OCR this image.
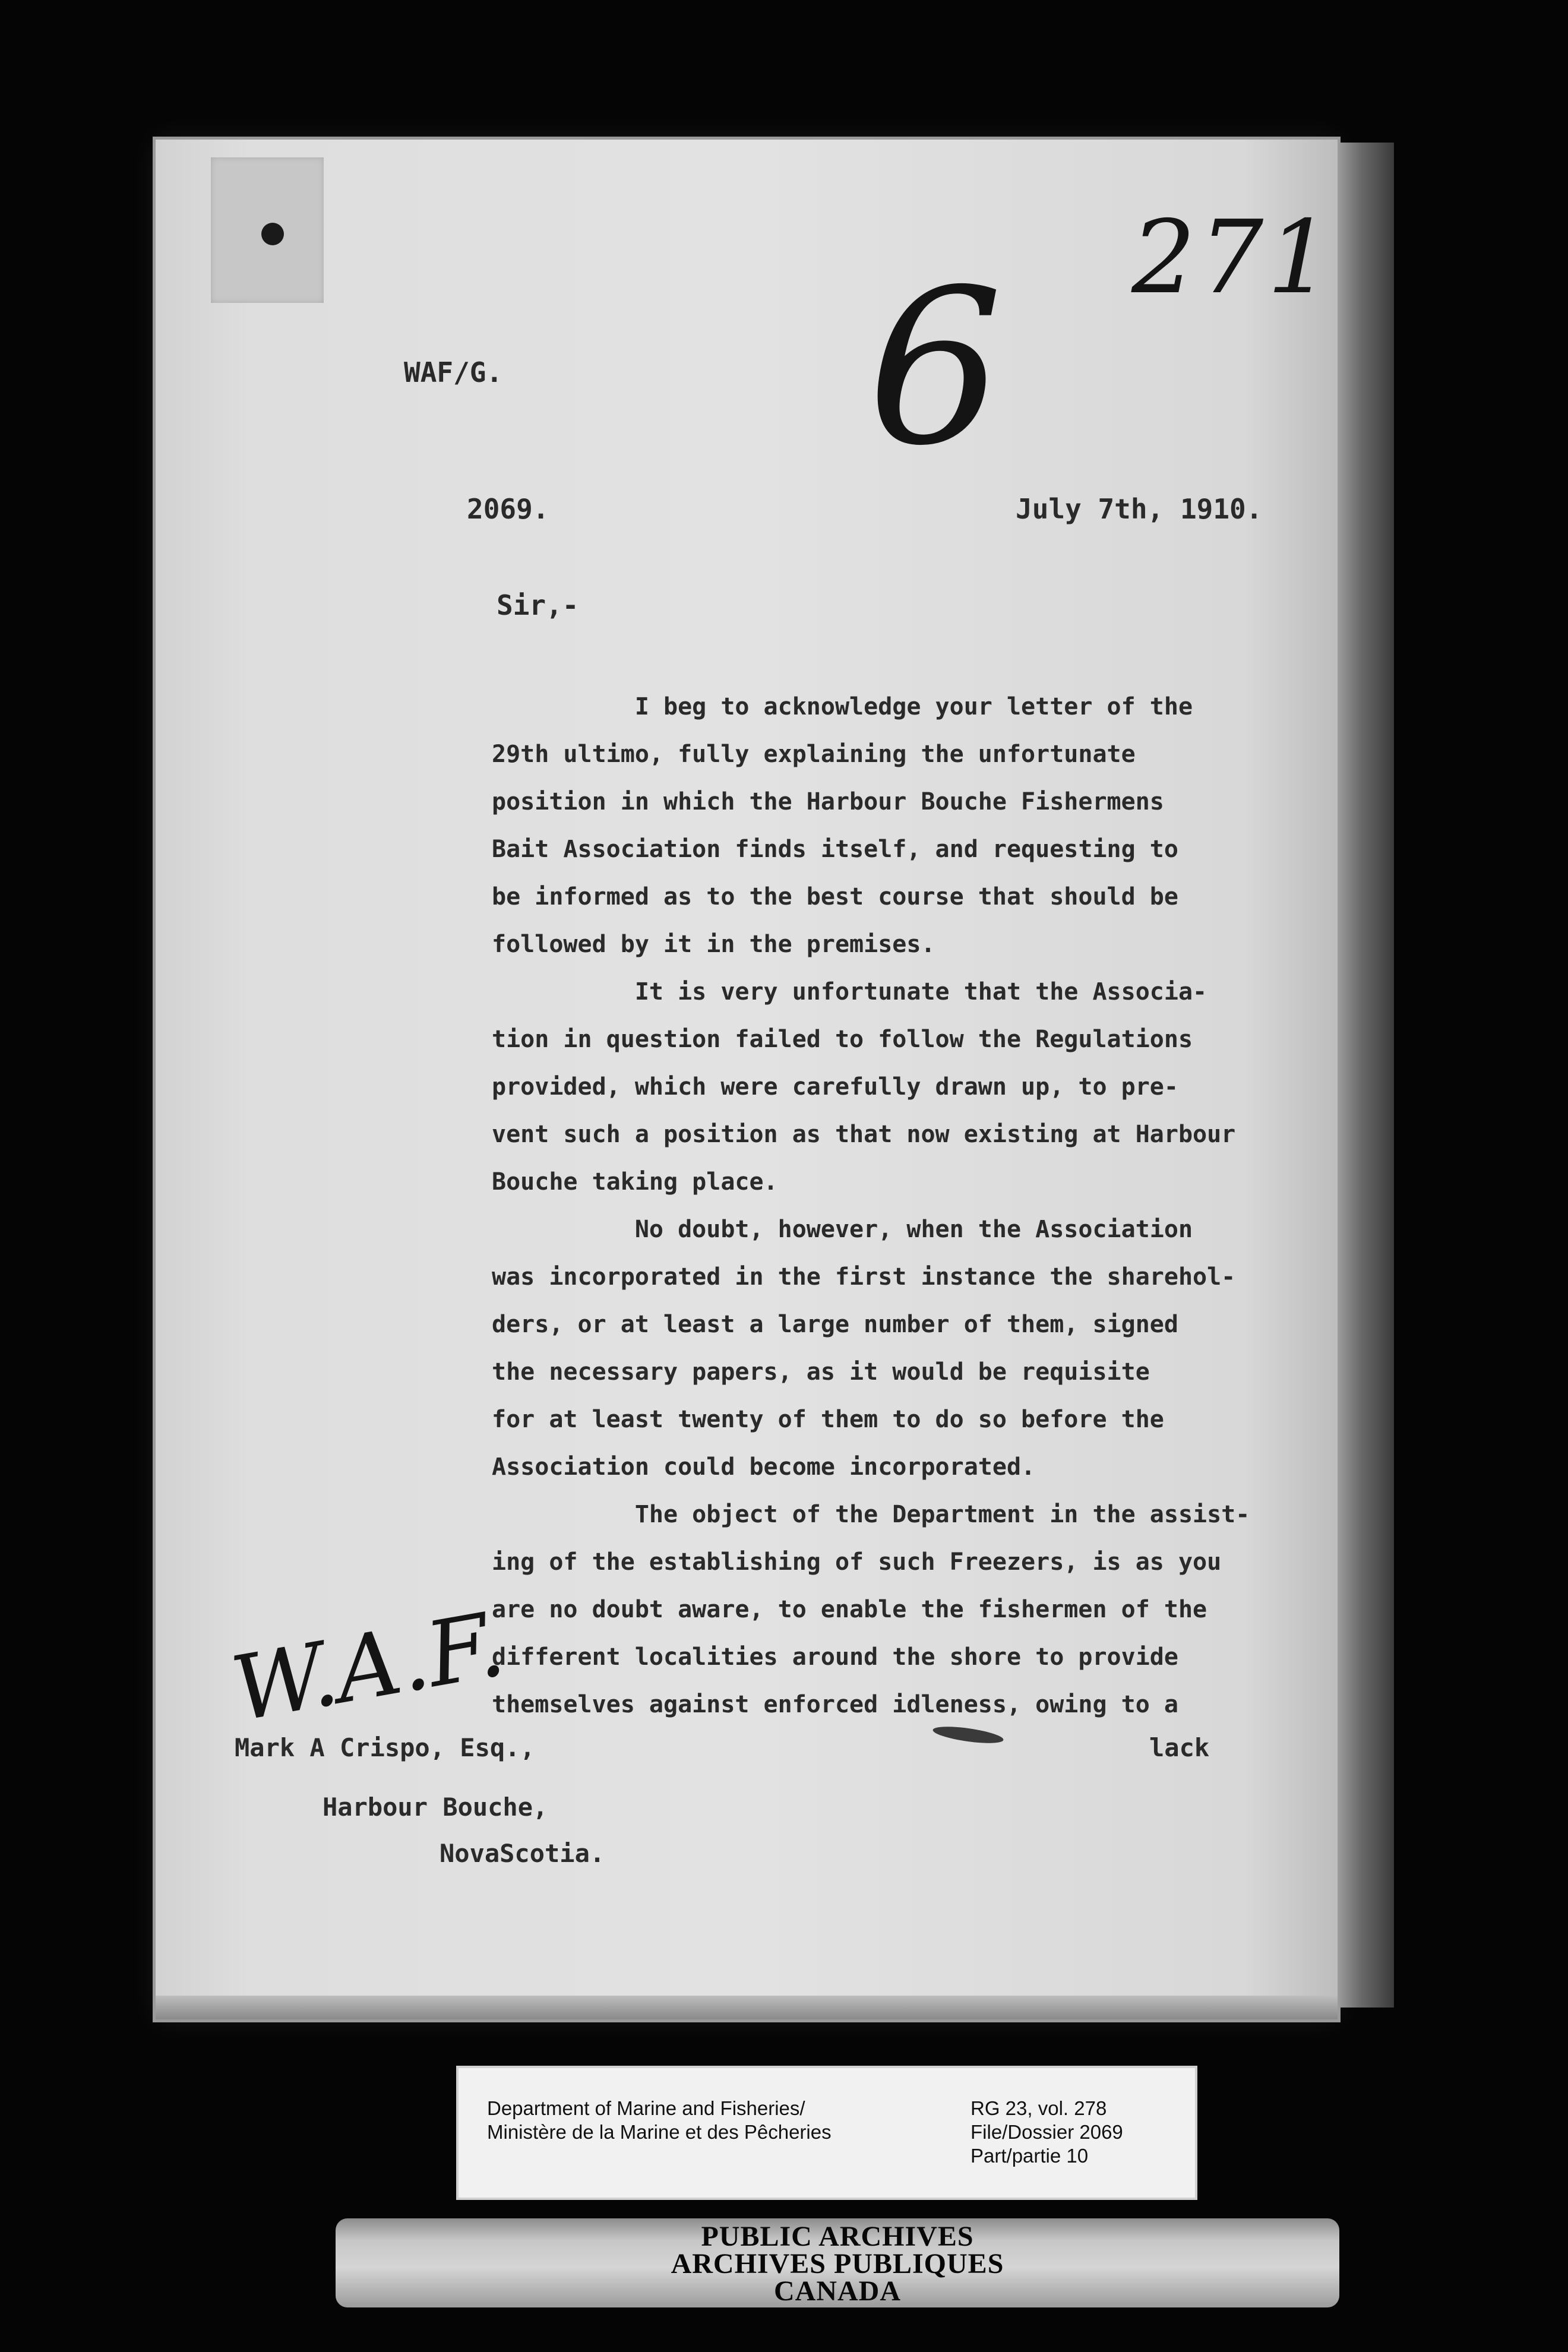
271
6
WAF/G.
2069.	July 7th, 1910.
Sir,-
I beg to acknowledge your letter of the
29th ultimo, fully explaining the unfortunate
position in which the Harbour Bouche Fishermens
Bait Association finds itself, and requesting to
be informed as to the best course that should be
followed by it in the premises.
It is very unfortunate that the Associa-
tion in question failed to follow the Regulations
provided, which were carefully drawn up, to pre-
vent such a position as that now existing at Harbour
Bouche taking place.
No doubt, however, when the Association
was incorporated in the first instance the sharehol-
ders, or at least a large number of them, signed
the necessary papers, as it would be requisite
for at least twenty of them to do so before the
Association could become incorporated.
The object of the Department in the assist-
ing of the establishing of such Freezers, is as you
are no doubt aware, to enable the fishermen of the
different localities around the shore to provide
themselves against enforced idleness, owing to a
W.A.F.
Mark A Crispo, Esq.,
Harbour Bouche,
NovaScotia.
lack
Department of Marine and Fisheries/
Ministère de la Marine et des Pêcheries
RG 23, vol. 278
File/Dossier 2069
Part/partie 10
PUBLIC ARCHIVES
ARCHIVES PUBLIQUES
CANADA
